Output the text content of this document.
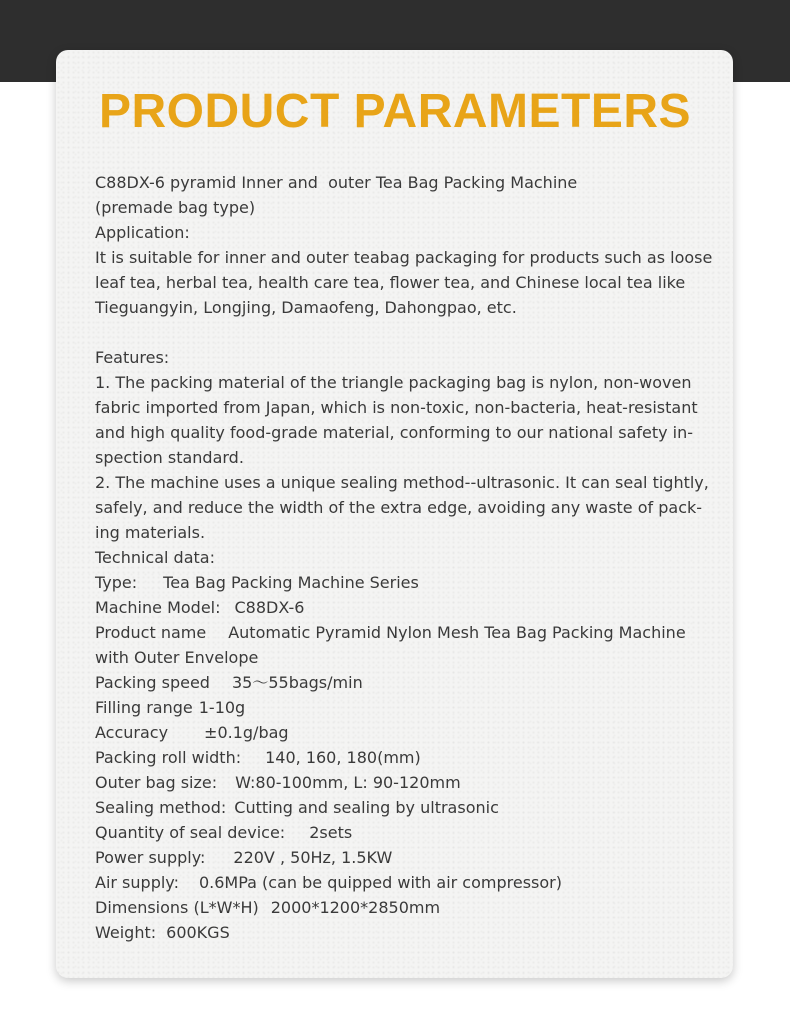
PRODUCT PARAMETERS
C88DX-6 pyramid Inner and  outer Tea Bag Packing Machine
(premade bag type)
Application:
It is suitable for inner and outer teabag packaging for products such as loose
leaf tea, herbal tea, health care tea, flower tea, and Chinese local tea like
Tieguangyin, Longjing, Damaofeng, Dahongpao, etc.
Features:
1. The packing material of the triangle packaging bag is nylon, non-woven
fabric imported from Japan, which is non-toxic, non-bacteria, heat-resistant
and high quality food-grade material, conforming to our national safety in-
spection standard.
2. The machine uses a unique sealing method--ultrasonic. It can seal tightly,
safely, and reduce the width of the extra edge, avoiding any waste of pack-
ing materials.
Technical data:
Type: Tea Bag Packing Machine Series
Machine Model: C88DX-6
Product name Automatic Pyramid Nylon Mesh Tea Bag Packing Machine
with Outer Envelope
Packing speed 35～55bags/min
Filling range 1-10g
Accuracy ±0.1g/bag
Packing roll width: 140, 160, 180(mm)
Outer bag size: W:80-100mm, L: 90-120mm
Sealing method: Cutting and sealing by ultrasonic
Quantity of seal device: 2sets
Power supply: 220V , 50Hz, 1.5KW
Air supply: 0.6MPa (can be quipped with air compressor)
Dimensions (L*W*H) 2000*1200*2850mm
Weight: 600KGS
